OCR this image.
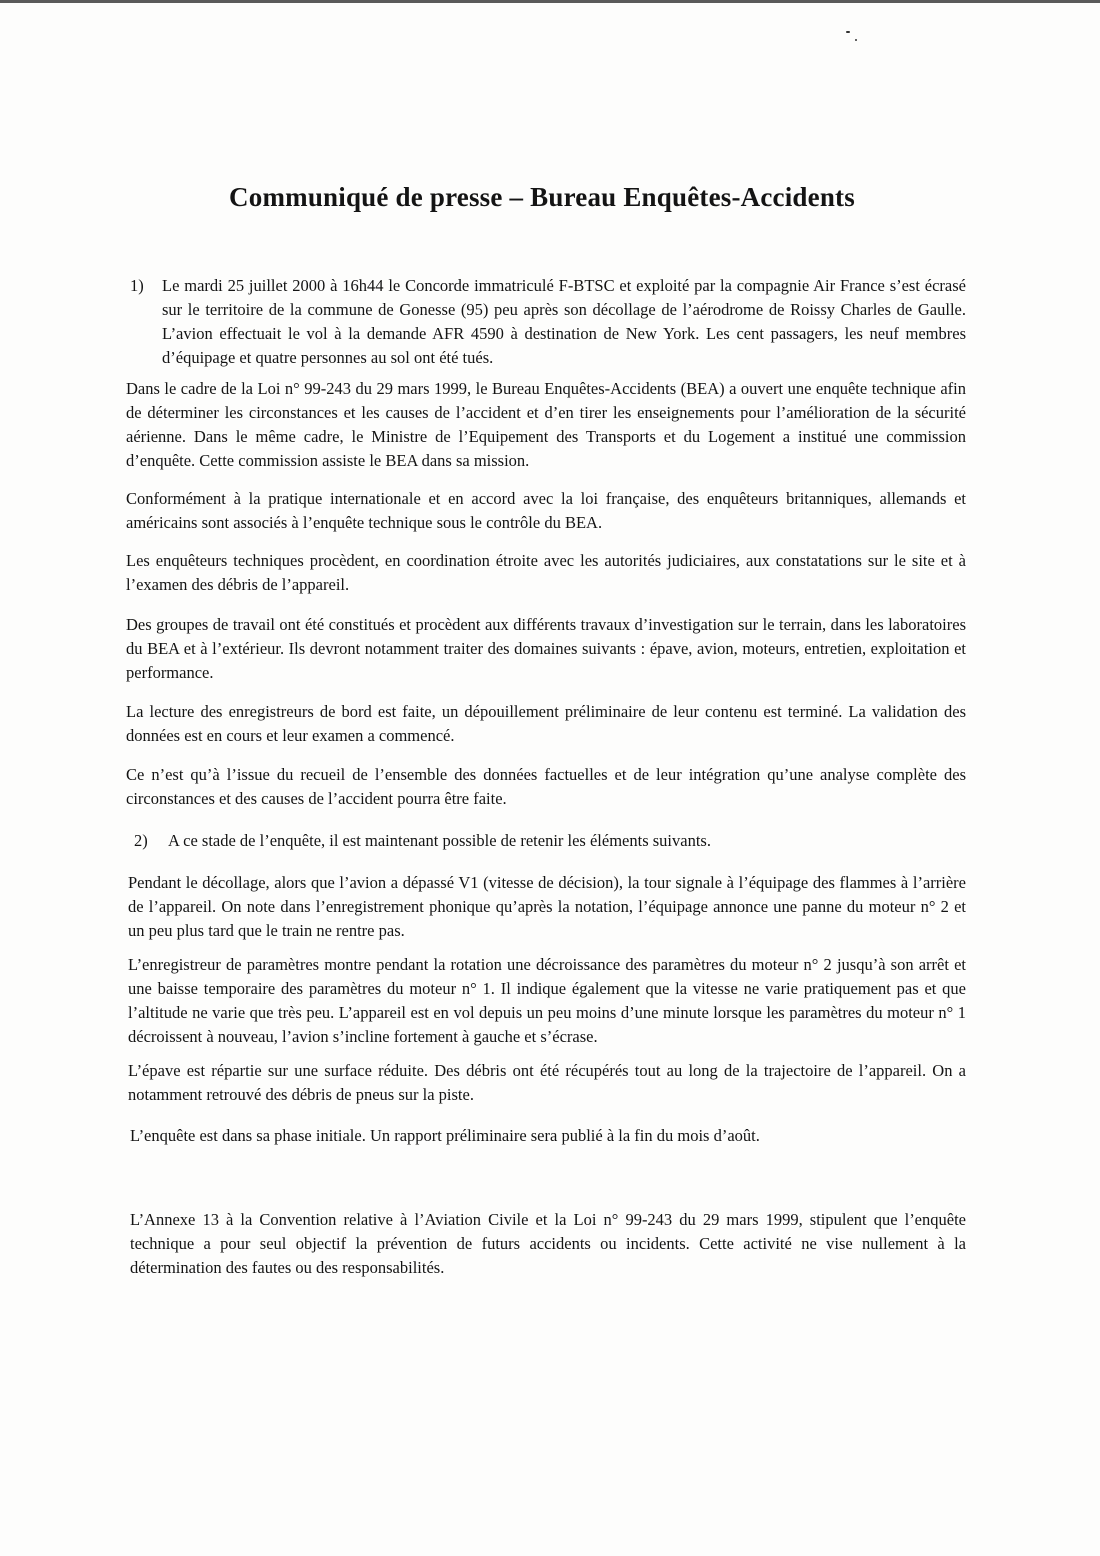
Communiqué de presse – Bureau Enquêtes-Accidents
1) Le mardi 25 juillet 2000 à 16h44 le Concorde immatriculé F-BTSC et exploité par la compagnie Air France s’est écrasé sur le territoire de la commune de Gonesse (95) peu après son décollage de l’aérodrome de Roissy Charles de Gaulle. L’avion effectuait le vol à la demande AFR 4590 à destination de New York. Les cent passagers, les neuf membres d’équipage et quatre personnes au sol ont été tués.

Dans le cadre de la Loi n° 99-243 du 29 mars 1999, le Bureau Enquêtes-Accidents (BEA) a ouvert une enquête technique afin de déterminer les circonstances et les causes de l’accident et d’en tirer les enseignements pour l’amélioration de la sécurité aérienne. Dans le même cadre, le Ministre de l’Equipement des Transports et du Logement a institué une commission d’enquête. Cette commission assiste le BEA dans sa mission.

Conformément à la pratique internationale et en accord avec la loi française, des enquêteurs britanniques, allemands et américains sont associés à l’enquête technique sous le contrôle du BEA.

Les enquêteurs techniques procèdent, en coordination étroite avec les autorités judiciaires, aux constatations sur le site et à l’examen des débris de l’appareil.

Des groupes de travail ont été constitués et procèdent aux différents travaux d’investigation sur le terrain, dans les laboratoires du BEA et à l’extérieur. Ils devront notamment traiter des domaines suivants : épave, avion, moteurs, entretien, exploitation et performance.

La lecture des enregistreurs de bord est faite, un dépouillement préliminaire de leur contenu est terminé. La validation des données est en cours et leur examen a commencé.

Ce n’est qu’à l’issue du recueil de l’ensemble des données factuelles et de leur intégration qu’une analyse complète des circonstances et des causes de l’accident pourra être faite.

2) A ce stade de l’enquête, il est maintenant possible de retenir les éléments suivants.

Pendant le décollage, alors que l’avion a dépassé V1 (vitesse de décision), la tour signale à l’équipage des flammes à l’arrière de l’appareil. On note dans l’enregistrement phonique qu’après la notation, l’équipage annonce une panne du moteur n° 2 et un peu plus tard que le train ne rentre pas.

L’enregistreur de paramètres montre pendant la rotation une décroissance des paramètres du moteur n° 2 jusqu’à son arrêt et une baisse temporaire des paramètres du moteur n° 1. Il indique également que la vitesse ne varie pratiquement pas et que l’altitude ne varie que très peu. L’appareil est en vol depuis un peu moins d’une minute lorsque les paramètres du moteur n° 1 décroissent à nouveau, l’avion s’incline fortement à gauche et s’écrase.

L’épave est répartie sur une surface réduite. Des débris ont été récupérés tout au long de la trajectoire de l’appareil. On a notamment retrouvé des débris de pneus sur la piste.

L’enquête est dans sa phase initiale. Un rapport préliminaire sera publié à la fin du mois d’août.

L’Annexe 13 à la Convention relative à l’Aviation Civile et la Loi n° 99-243 du 29 mars 1999, stipulent que l’enquête technique a pour seul objectif la prévention de futurs accidents ou incidents. Cette activité ne vise nullement à la détermination des fautes ou des responsabilités.
